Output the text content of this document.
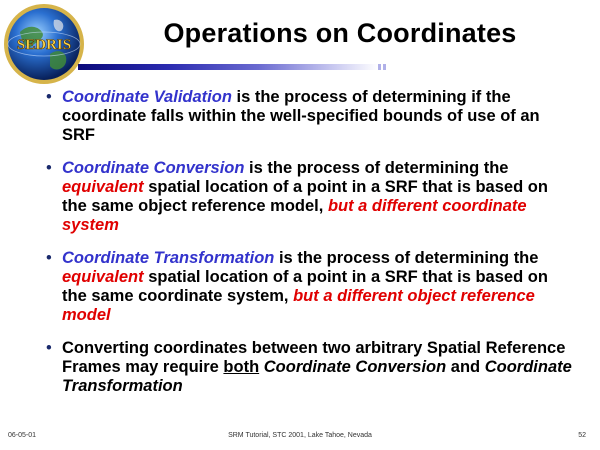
SEDRIS	Operations on Coordinates
• Coordinate Validation is the process of determining if the coordinate falls within the well-specified bounds of use of an SRF
• Coordinate Conversion is the process of determining the equivalent spatial location of a point in a SRF that is based on the same object reference model, but a different coordinate system
• Coordinate Transformation is the process of determining the equivalent spatial location of a point in a SRF that is based on the same coordinate system, but a different object reference model
• Converting coordinates between two arbitrary Spatial Reference Frames may require both Coordinate Conversion and Coordinate Transformation
06-05-01	SRM Tutorial, STC 2001, Lake Tahoe, Nevada	52
